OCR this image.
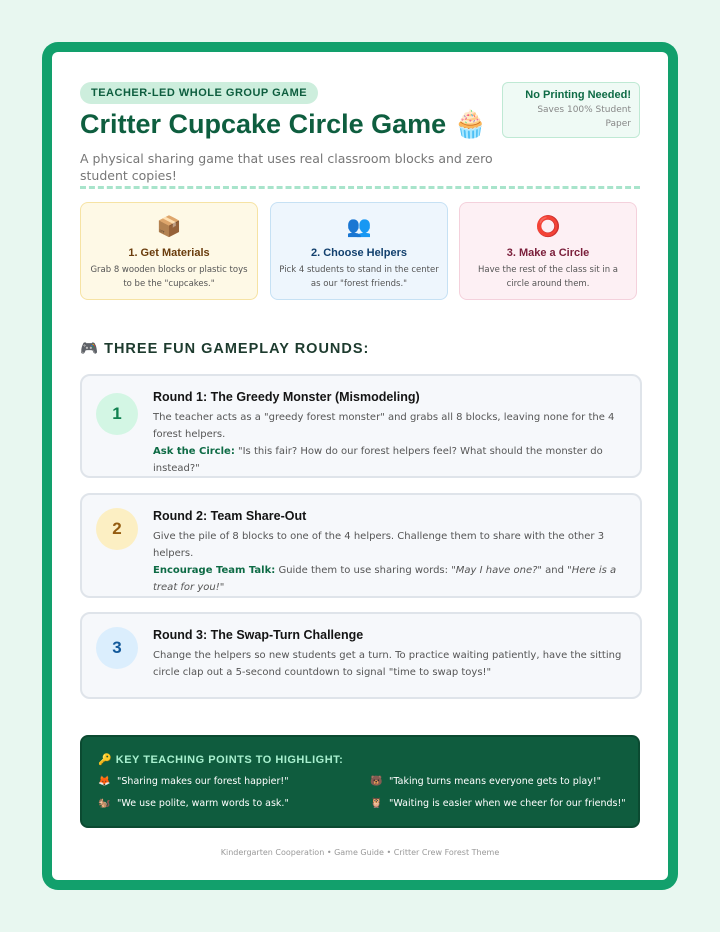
TEACHER-LED WHOLE GROUP GAME
Critter Cupcake Circle Game 🧁
A physical sharing game that uses real classroom blocks and zero student copies!
No Printing Needed!
Saves 100% Student Paper
📦
1. Get Materials
Grab 8 wooden blocks or plastic toys to be the "cupcakes."
👥
2. Choose Helpers
Pick 4 students to stand in the center as our "forest friends."
⭕
3. Make a Circle
Have the rest of the class sit in a circle around them.
🎮 THREE FUN GAMEPLAY ROUNDS:
1
Round 1: The Greedy Monster (Mismodeling)
The teacher acts as a "greedy forest monster" and grabs all 8 blocks, leaving none for the 4 forest helpers.
Ask the Circle: "Is this fair? How do our forest helpers feel? What should the monster do instead?"
2
Round 2: Team Share-Out
Give the pile of 8 blocks to one of the 4 helpers. Challenge them to share with the other 3 helpers.
Encourage Team Talk: Guide them to use sharing words: "May I have one?" and "Here is a treat for you!"
3
Round 3: The Swap-Turn Challenge
Change the helpers so new students get a turn. To practice waiting patiently, have the sitting circle clap out a 5-second countdown to signal "time to swap toys!"
🔑 KEY TEACHING POINTS TO HIGHLIGHT:
🦊 "Sharing makes our forest happier!"	🐻 "Taking turns means everyone gets to play!"
🐿️ "We use polite, warm words to ask."	🦉 "Waiting is easier when we cheer for our friends!"
Kindergarten Cooperation • Game Guide • Critter Crew Forest Theme
